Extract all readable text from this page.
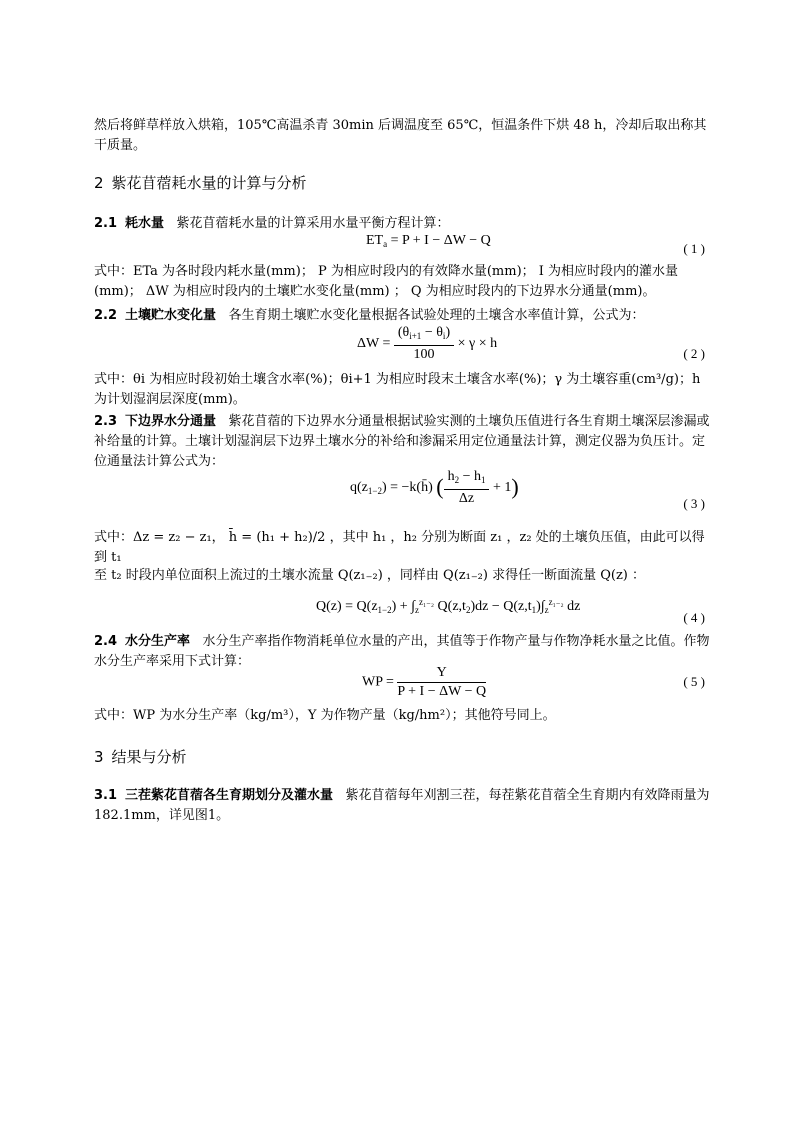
然后将鲜草样放入烘箱，105℃高温杀青 30min 后调温度至 65℃，恒温条件下烘 48 h，冷却后取出称其干质量。
2 紫花苜蓿耗水量的计算与分析
2.1 耗水量 紫花苜蓿耗水量的计算采用水量平衡方程计算：
$ET_a = P + I - \Delta W - Q$
( 1 )
式中：ETa 为各时段内耗水量(mm)； P 为相应时段内的有效降水量(mm)； I 为相应时段内的灌水量(mm)； ΔW 为相应时段内的土壤贮水变化量(mm) ； Q 为相应时段内的下边界水分通量(mm)。
2.2 土壤贮水变化量 各生育期土壤贮水变化量根据各试验处理的土壤含水率值计算，公式为：
$\Delta W = \frac{(\theta_{i+1} - \theta_i)}{100} \times \gamma \times h$
( 2 )
式中：θi 为相应时段初始土壤含水率(%)；θi+1 为相应时段末土壤含水率(%)；γ 为土壤容重(cm³/g)；h 为计划湿润层深度(mm)。
2.3 下边界水分通量 紫花苜蓿的下边界水分通量根据试验实测的土壤负压值进行各生育期土壤深层渗漏或补给量的计算。土壤计划湿润层下边界土壤水分的补给和渗漏采用定位通量法计算，测定仪器为负压计。定位通量法计算公式为：
$q(z_{1-2})$ = −k(h̄) ( $\frac{h_2 - h_1}{\Delta z} + 1$)
( 3 )
式中：Δz = z₂ − z₁， h̄ = (h₁ + h₂)/2 ，其中 h₁ ，h₂ 分别为断面 z₁ ，z₂ 处的土壤负压值，由此可以得到 t₁
至 t₂ 时段内单位面积上流过的土壤水流量 Q(z₁₋₂) ，同样由 Q(z₁₋₂) 求得任一断面流量 Q(z) ：
$Q(z) = Q(z_{1-2}) + \int_z^{z_{1-2}}$ $Q(z,t_2)dz - Q(z,t_1)\int_z^{z_{1-2}}$ dz
( 4 )
2.4 水分生产率 水分生产率指作物消耗单位水量的产出，其值等于作物产量与作物净耗水量之比值。作物水分生产率采用下式计算：
WP = $\frac{Y}{P + I - \Delta W - Q}$	( 5 )
式中：WP 为水分生产率（kg/m³），Y 为作物产量（kg/hm²）；其他符号同上。
3 结果与分析
3.1 三茬紫花苜蓿各生育期划分及灌水量 紫花苜蓿每年刈割三茬，每茬紫花苜蓿全生育期内有效降雨量为182.1mm，详见图1。
